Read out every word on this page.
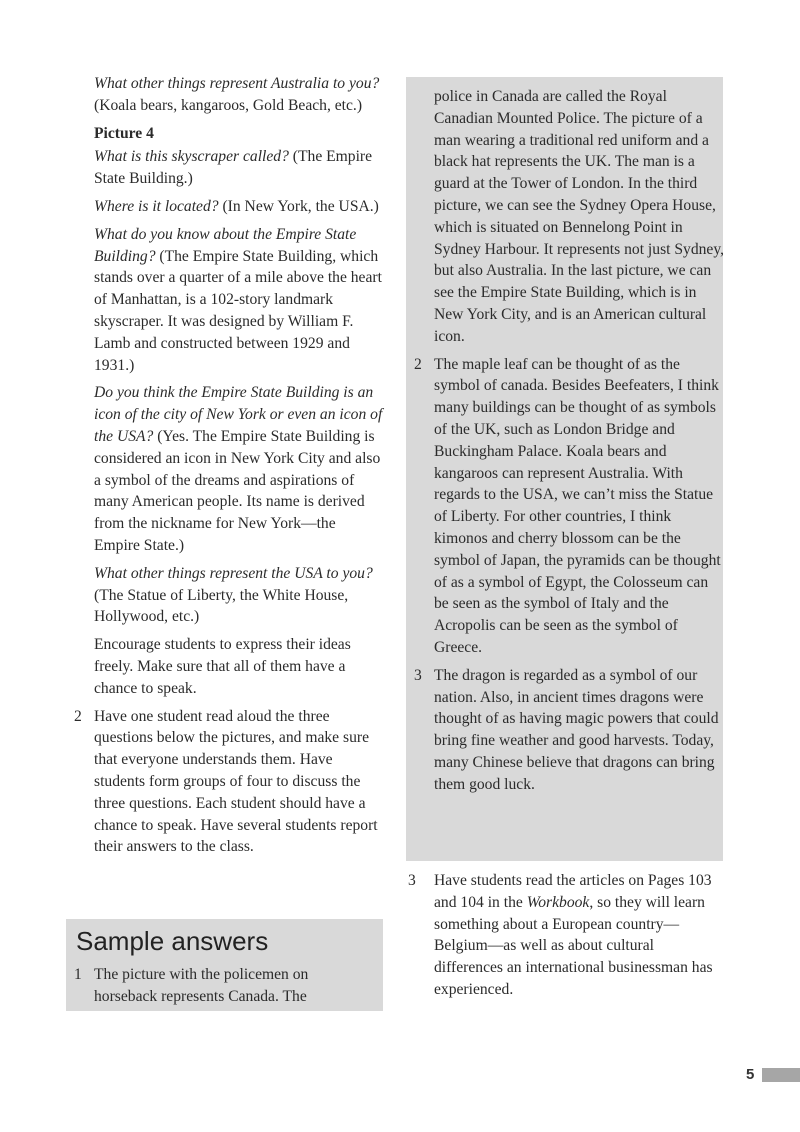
What other things represent Australia to you? (Koala bears, kangaroos, Gold Beach, etc.)

Picture 4

What is this skyscraper called? (The Empire State Building.)

Where is it located? (In New York, the USA.)

What do you know about the Empire State Building? (The Empire State Building, which stands over a quarter of a mile above the heart of Manhattan, is a 102-story landmark skyscraper. It was designed by William F. Lamb and constructed between 1929 and 1931.)

Do you think the Empire State Building is an icon of the city of New York or even an icon of the USA? (Yes. The Empire State Building is considered an icon in New York City and also a symbol of the dreams and aspirations of many American people. Its name is derived from the nickname for New York—the Empire State.)

What other things represent the USA to you? (The Statue of Liberty, the White House, Hollywood, etc.)

Encourage students to express their ideas freely. Make sure that all of them have a chance to speak.

2 Have one student read aloud the three questions below the pictures, and make sure that everyone understands them. Have students form groups of four to discuss the three questions. Each student should have a chance to speak. Have several students report their answers to the class.

Sample answers
1 The picture with the policemen on horseback represents Canada. The

police in Canada are called the Royal Canadian Mounted Police. The picture of a man wearing a traditional red uniform and a black hat represents the UK. The man is a guard at the Tower of London. In the third picture, we can see the Sydney Opera House, which is situated on Bennelong Point in Sydney Harbour. It represents not just Sydney, but also Australia. In the last picture, we can see the Empire State Building, which is in New York City, and is an American cultural icon.

2 The maple leaf can be thought of as the symbol of canada. Besides Beefeaters, I think many buildings can be thought of as symbols of the UK, such as London Bridge and Buckingham Palace. Koala bears and kangaroos can represent Australia. With regards to the USA, we can’t miss the Statue of Liberty. For other countries, I think kimonos and cherry blossom can be the symbol of Japan, the pyramids can be thought of as a symbol of Egypt, the Colosseum can be seen as the symbol of Italy and the Acropolis can be seen as the symbol of Greece.

3 The dragon is regarded as a symbol of our nation. Also, in ancient times dragons were thought of as having magic powers that could bring fine weather and good harvests. Today, many Chinese believe that dragons can bring them good luck.

3 Have students read the articles on Pages 103 and 104 in the Workbook, so they will learn something about a European country—Belgium—as well as about cultural differences an international businessman has experienced.

5
